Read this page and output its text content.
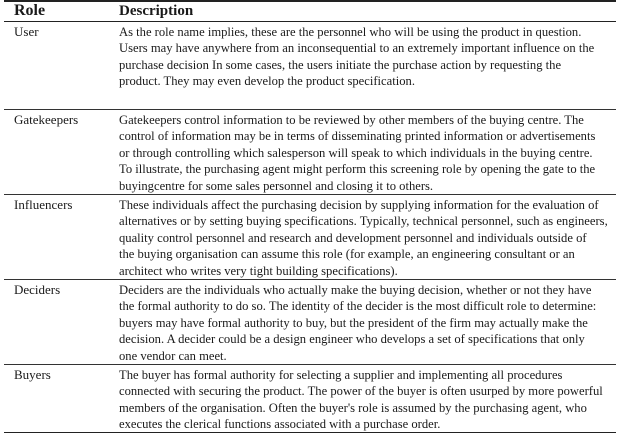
Role	Description
User	As the role name implies, these are the personnel who will be using the product in question.
Users may have anywhere from an inconsequential to an extremely important influence on the
purchase decision In some cases, the users initiate the purchase action by requesting the
product. They may even develop the product specification.
Gatekeepers	Gatekeepers control information to be reviewed by other members of the buying centre. The
control of information may be in terms of disseminating printed information or advertisements
or through controlling which salesperson will speak to which individuals in the buying centre.
To illustrate, the purchasing agent might perform this screening role by opening the gate to the
buyingcentre for some sales personnel and closing it to others.
Influencers	These individuals affect the purchasing decision by supplying information for the evaluation of
alternatives or by setting buying specifications. Typically, technical personnel, such as engineers,
quality control personnel and research and development personnel and individuals outside of
the buying organisation can assume this role (for example, an engineering consultant or an
architect who writes very tight building specifications).
Deciders	Deciders are the individuals who actually make the buying decision, whether or not they have
the formal authority to do so. The identity of the decider is the most difficult role to determine:
buyers may have formal authority to buy, but the president of the firm may actually make the
decision. A decider could be a design engineer who develops a set of specifications that only
one vendor can meet.
Buyers	The buyer has formal authority for selecting a supplier and implementing all procedures
connected with securing the product. The power of the buyer is often usurped by more powerful
members of the organisation. Often the buyer's role is assumed by the purchasing agent, who
executes the clerical functions associated with a purchase order.
